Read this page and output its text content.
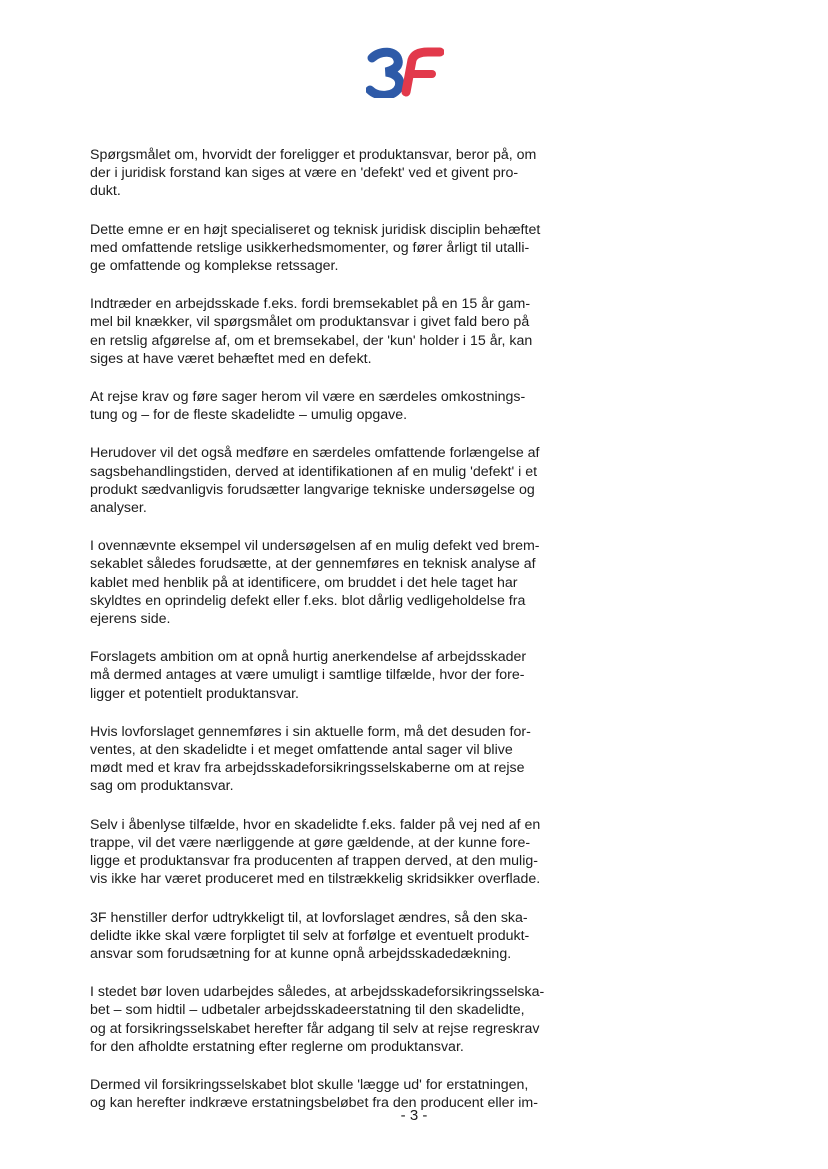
Spørgsmålet om, hvorvidt der foreligger et produktansvar, beror på, om
der i juridisk forstand kan siges at være en 'defekt' ved et givent pro-
dukt.

Dette emne er en højt specialiseret og teknisk juridisk disciplin behæftet
med omfattende retslige usikkerhedsmomenter, og fører årligt til utalli-
ge omfattende og komplekse retssager.

Indtræder en arbejdsskade f.eks. fordi bremsekablet på en 15 år gam-
mel bil knækker, vil spørgsmålet om produktansvar i givet fald bero på
en retslig afgørelse af, om et bremsekabel, der 'kun' holder i 15 år, kan
siges at have været behæftet med en defekt.

At rejse krav og føre sager herom vil være en særdeles omkostnings-
tung og – for de fleste skadelidte – umulig opgave.

Herudover vil det også medføre en særdeles omfattende forlængelse af
sagsbehandlingstiden, derved at identifikationen af en mulig 'defekt' i et
produkt sædvanligvis forudsætter langvarige tekniske undersøgelse og
analyser.

I ovennævnte eksempel vil undersøgelsen af en mulig defekt ved brem-
sekablet således forudsætte, at der gennemføres en teknisk analyse af
kablet med henblik på at identificere, om bruddet i det hele taget har
skyldtes en oprindelig defekt eller f.eks. blot dårlig vedligeholdelse fra
ejerens side.

Forslagets ambition om at opnå hurtig anerkendelse af arbejdsskader
må dermed antages at være umuligt i samtlige tilfælde, hvor der fore-
ligger et potentielt produktansvar.

Hvis lovforslaget gennemføres i sin aktuelle form, må det desuden for-
ventes, at den skadelidte i et meget omfattende antal sager vil blive
mødt med et krav fra arbejdsskadeforsikringsselskaberne om at rejse
sag om produktansvar.

Selv i åbenlyse tilfælde, hvor en skadelidte f.eks. falder på vej ned af en
trappe, vil det være nærliggende at gøre gældende, at der kunne fore-
ligge et produktansvar fra producenten af trappen derved, at den mulig-
vis ikke har været produceret med en tilstrækkelig skridsikker overflade.

3F henstiller derfor udtrykkeligt til, at lovforslaget ændres, så den ska-
delidte ikke skal være forpligtet til selv at forfølge et eventuelt produkt-
ansvar som forudsætning for at kunne opnå arbejdsskadedækning.

I stedet bør loven udarbejdes således, at arbejdsskadeforsikringsselska-
bet – som hidtil – udbetaler arbejdsskadeerstatning til den skadelidte,
og at forsikringsselskabet herefter får adgang til selv at rejse regreskrav
for den afholdte erstatning efter reglerne om produktansvar.

Dermed vil forsikringsselskabet blot skulle 'lægge ud' for erstatningen,
og kan herefter indkræve erstatningsbeløbet fra den producent eller im-

- 3 -
